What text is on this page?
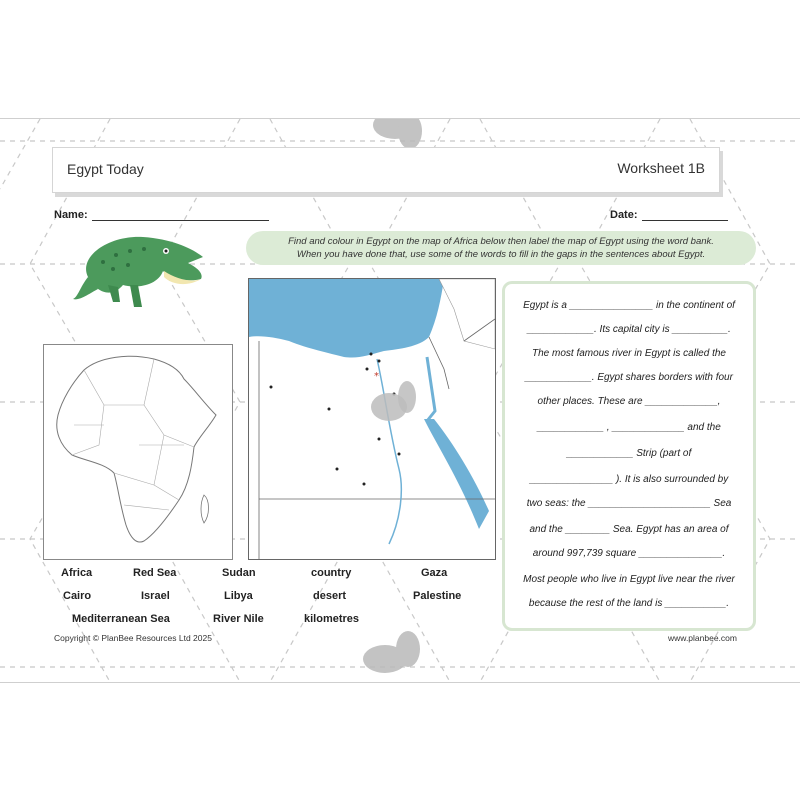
Egypt Today	Worksheet 1B
Name:	Date:
Find and colour in Egypt on the map of Africa below then label the map of Egypt using the word bank.
When you have done that, use some of the words to fill in the gaps in the sentences about Egypt.
*
Egypt is a _______________ in the continent of
____________. Its capital city is __________.
The most famous river in Egypt is called the
____________. Egypt shares borders with four
other places. These are _____________,
____________ , _____________ and the
____________ Strip (part of
_______________ ). It is also surrounded by
two seas: the ______________________ Sea
and the ________ Sea. Egypt has an area of
around 997,739 square _______________.
Most people who live in Egypt live near the river
because the rest of the land is ___________.
Africa
Cairo
Mediterranean Sea
Red Sea
Israel
Sudan
Libya
River Nile
country
desert
kilometres
Gaza
Palestine
Copyright © PlanBee Resources Ltd 2025	www.planbee.com
